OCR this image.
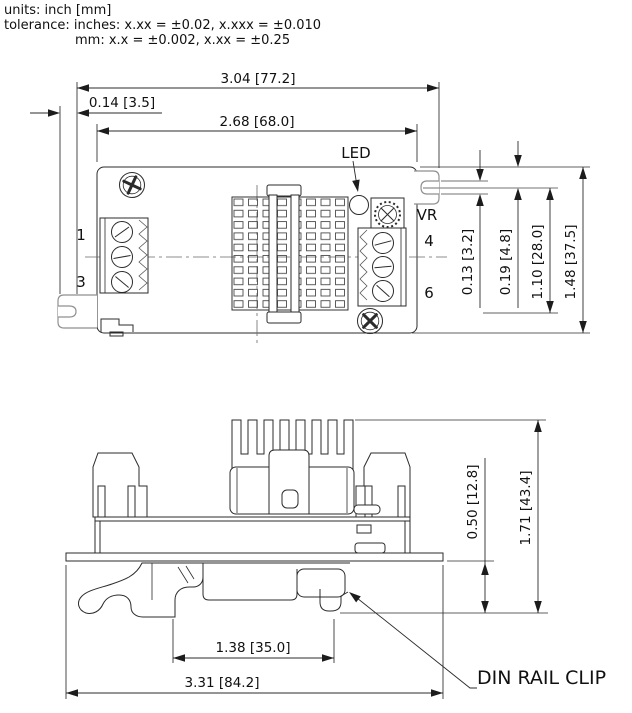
units: inch [mm]
tolerance: inches: x.xx = ±0.02, x.xxx = ±0.010
mm: x.x = ±0.002, x.xx = ±0.25
1
3
LED
VR
4
6
3.04 [77.2]
0.14 [3.5]
2.68 [68.0]
0.13 [3.2] 0.19 [4.8] 1.10 [28.0] 1.48 [37.5]
1.38 [35.0]
3.31 [84.2]
0.50 [12.8]	1.71 [43.4]
DIN RAIL CLIP
